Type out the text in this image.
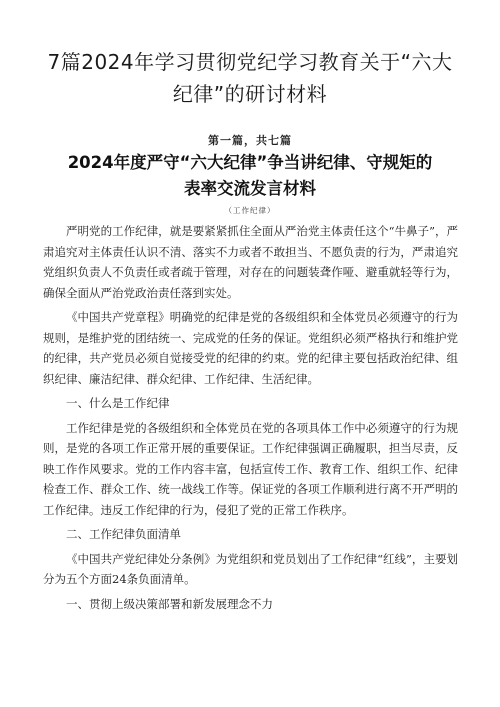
7篇2024年学习贯彻党纪学习教育关于“六大纪律”的研讨材料
第一篇，共七篇
2024年度严守“六大纪律”争当讲纪律、守规矩的表率交流发言材料
（工作纪律）

严明党的工作纪律，就是要紧紧抓住全面从严治党主体责任这个“牛鼻子”，严肃追究对主体责任认识不清、落实不力或者不敢担当、不愿负责的行为，严肃追究党组织负责人不负责任或者疏于管理，对存在的问题装聋作哑、避重就轻等行为，确保全面从严治党政治责任落到实处。

《中国共产党章程》明确党的纪律是党的各级组织和全体党员必须遵守的行为规则，是维护党的团结统一、完成党的任务的保证。党组织必须严格执行和维护党的纪律，共产党员必须自觉接受党的纪律的约束。党的纪律主要包括政治纪律、组织纪律、廉洁纪律、群众纪律、工作纪律、生活纪律。

一、什么是工作纪律

工作纪律是党的各级组织和全体党员在党的各项具体工作中必须遵守的行为规则，是党的各项工作正常开展的重要保证。工作纪律强调正确履职，担当尽责，反映工作作风要求。党的工作内容丰富，包括宣传工作、教育工作、组织工作、纪律检查工作、群众工作、统一战线工作等。保证党的各项工作顺利进行离不开严明的工作纪律。违反工作纪律的行为，侵犯了党的正常工作秩序。

二、工作纪律负面清单

《中国共产党纪律处分条例》为党组织和党员划出了工作纪律“红线”，主要划分为五个方面24条负面清单。

一、贯彻上级决策部署和新发展理念不力
